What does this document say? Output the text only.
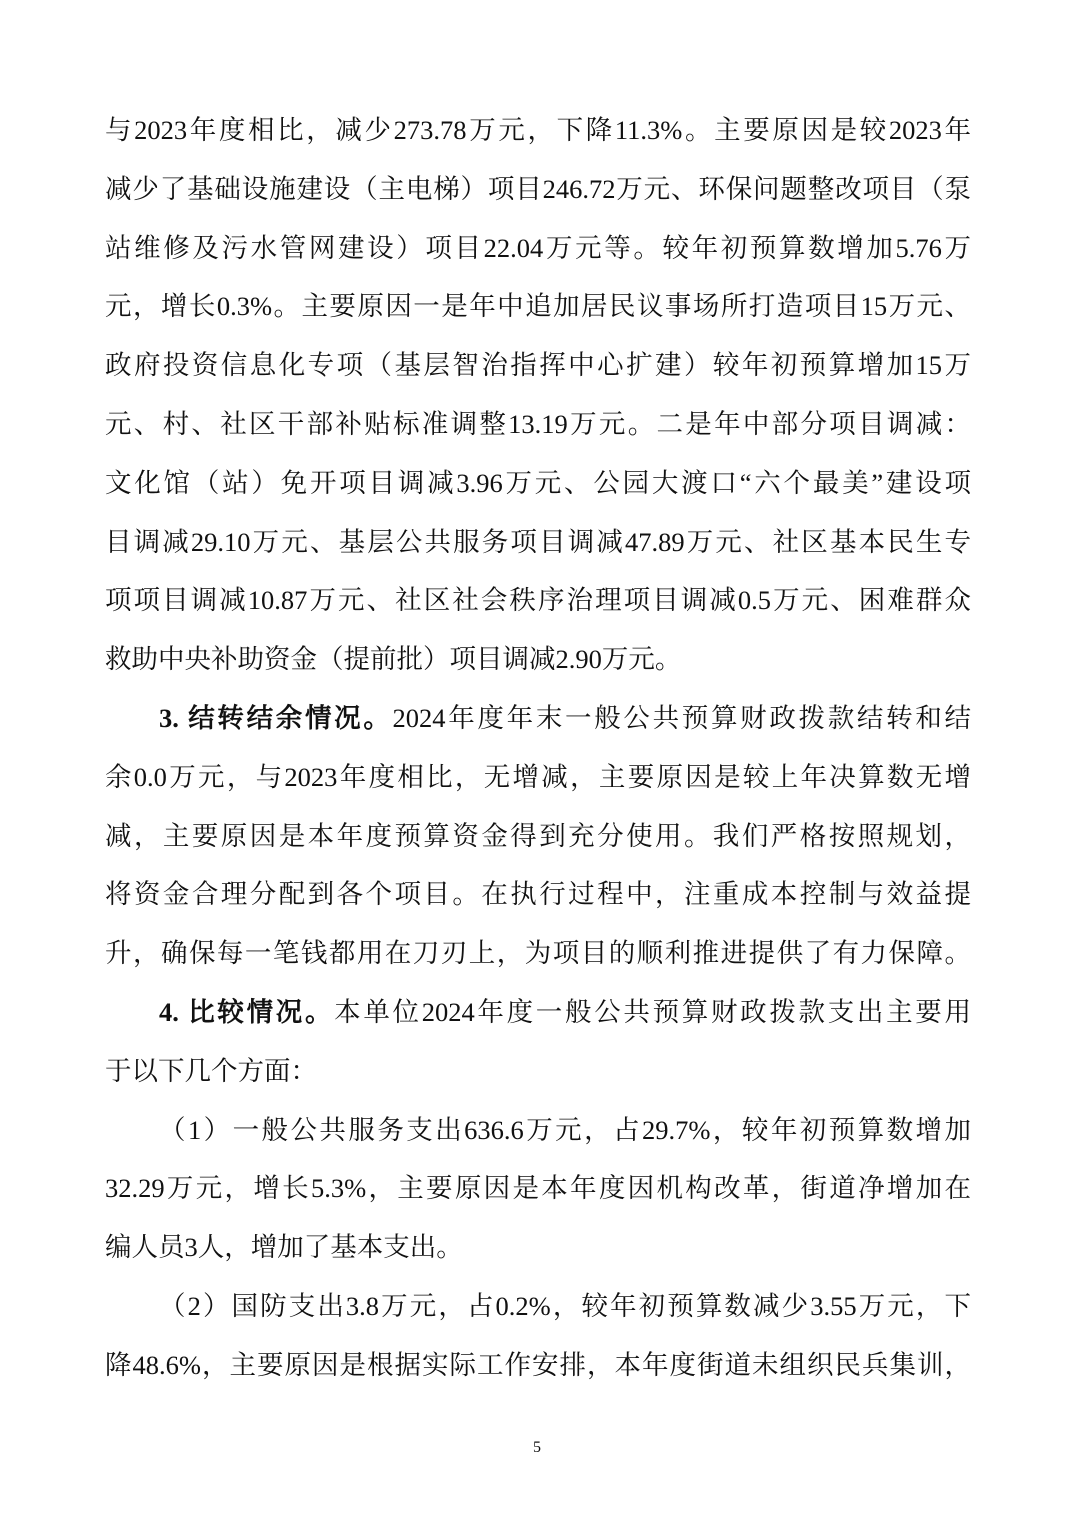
与2023年度相比，减少273.78万元，下降11.3%。主要原因是较2023年
减少了基础设施建设（主电梯）项目246.72万元、环保问题整改项目（泵
站维修及污水管网建设）项目22.04万元等。较年初预算数增加5.76万
元，增长0.3%。主要原因一是年中追加居民议事场所打造项目15万元、
政府投资信息化专项（基层智治指挥中心扩建）较年初预算增加15万
元、村、社区干部补贴标准调整13.19万元。二是年中部分项目调减：
文化馆（站）免开项目调减3.96万元、公园大渡口“六个最美”建设项
目调减29.10万元、基层公共服务项目调减47.89万元、社区基本民生专
项项目调减10.87万元、社区社会秩序治理项目调减0.5万元、困难群众
救助中央补助资金（提前批）项目调减2.90万元。
3. 结转结余情况。2024年度年末一般公共预算财政拨款结转和结
余0.0万元，与2023年度相比，无增减，主要原因是较上年决算数无增
减，主要原因是本年度预算资金得到充分使用。我们严格按照规划，
将资金合理分配到各个项目。在执行过程中，注重成本控制与效益提
升，确保每一笔钱都用在刀刃上，为项目的顺利推进提供了有力保障。
4. 比较情况。本单位2024年度一般公共预算财政拨款支出主要用
于以下几个方面：
（1）一般公共服务支出636.6万元，占29.7%，较年初预算数增加
32.29万元，增长5.3%，主要原因是本年度因机构改革，街道净增加在
编人员3人，增加了基本支出。
（2）国防支出3.8万元，占0.2%，较年初预算数减少3.55万元，下
降48.6%，主要原因是根据实际工作安排，本年度街道未组织民兵集训，
5
